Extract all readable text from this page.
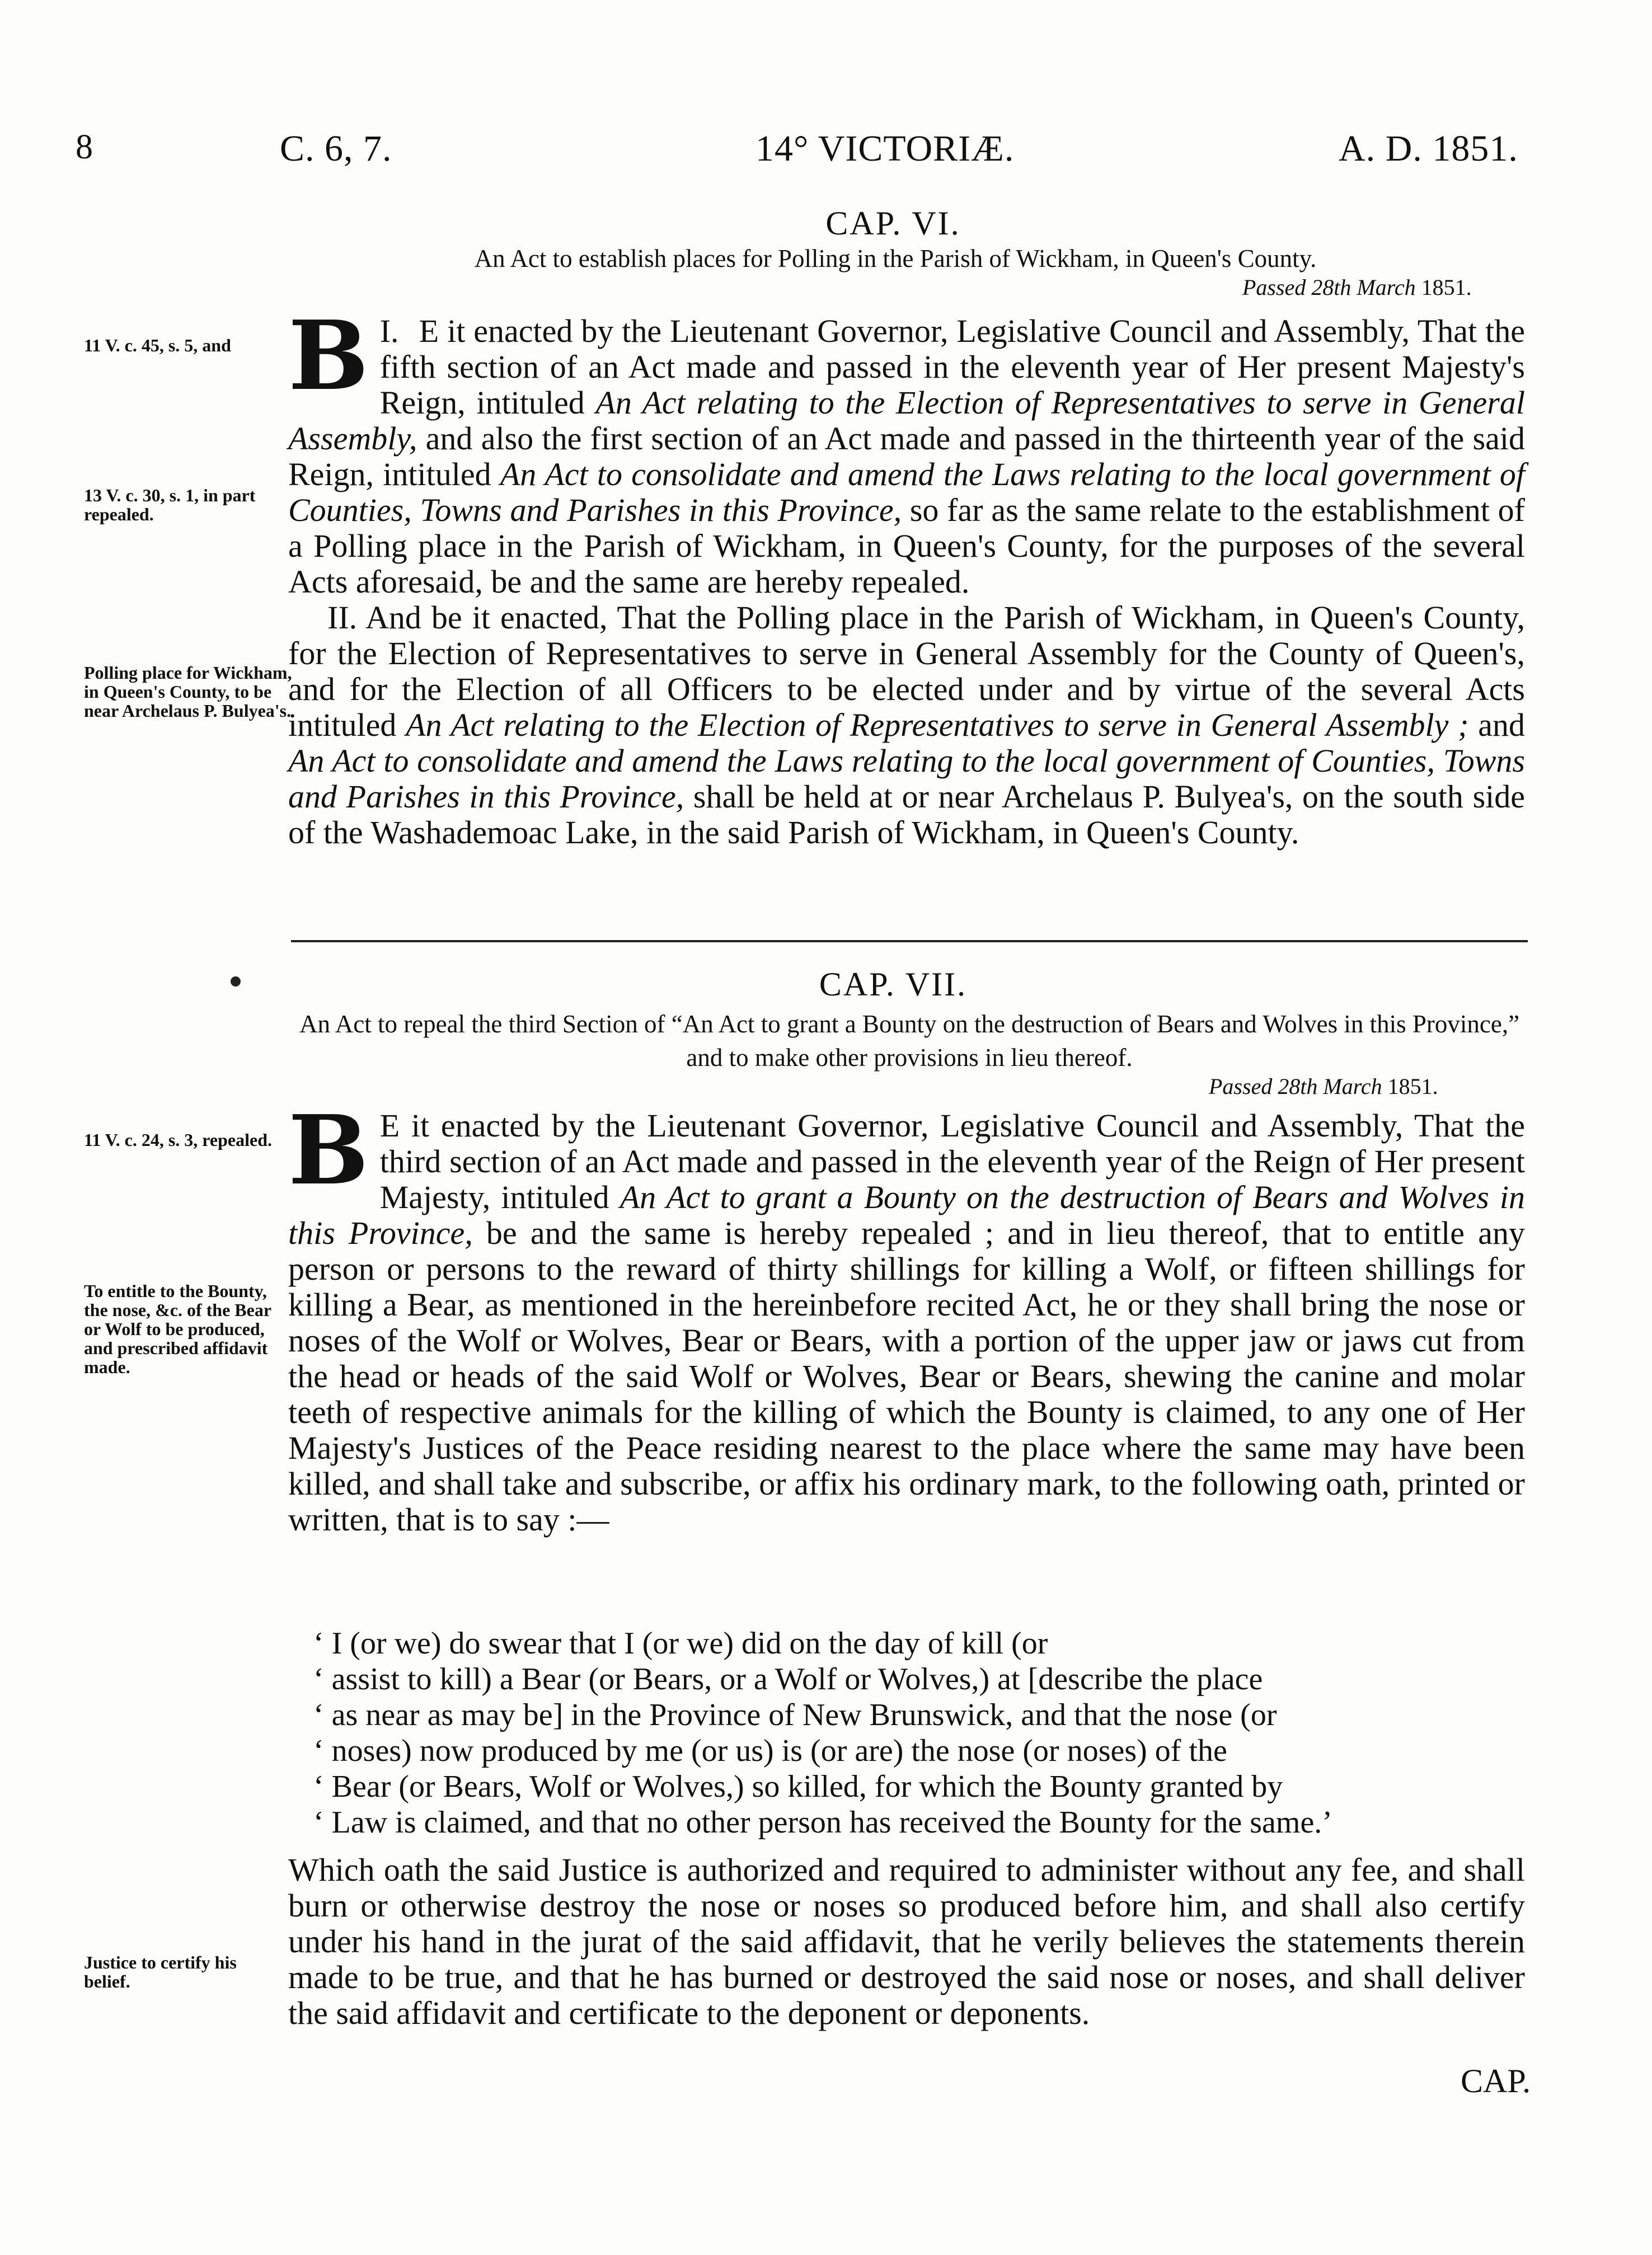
8	C. 6, 7.	14° VICTORIÆ.	A. D. 1851.
CAP. VI.
An Act to establish places for Polling in the Parish of Wickham, in Queen's County.
Passed 28th March 1851.
11 V. c. 45, s. 5, and
13 V. c. 30, s. 1, in part repealed.
Polling place for Wickham, in Queen's County, to be near Archelaus P. Bulyea's.

I.
B E it enacted by the Lieutenant Governor, Legislative Council and Assembly, That the fifth section of an Act made and passed in the eleventh year of Her present Majesty's Reign, intituled An Act relating to the Election of Representatives to serve in General Assembly, and also the first section of an Act made and passed in the thirteenth year of the said Reign, intituled An Act to consolidate and amend the Laws relating to the local government of Counties, Towns and Parishes in this Province, so far as the same relate to the establishment of a Polling place in the Parish of Wickham, in Queen's County, for the purposes of the several Acts aforesaid, be and the same are hereby repealed.

II. And be it enacted, That the Polling place in the Parish of Wickham, in Queen's County, for the Election of Representatives to serve in General Assembly for the County of Queen's, and for the Election of all Officers to be elected under and by virtue of the several Acts intituled An Act relating to the Election of Representatives to serve in General Assembly ; and An Act to consolidate and amend the Laws relating to the local government of Counties, Towns and Parishes in this Province, shall be held at or near Archelaus P. Bulyea's, on the south side of the Washademoac Lake, in the said Parish of Wickham, in Queen's County.

CAP. VII.
An Act to repeal the third Section of “An Act to grant a Bounty on the destruction of Bears and Wolves in this Province,” and to make other provisions in lieu thereof.
Passed 28th March 1851.
11 V. c. 24, s. 3, repealed.
To entitle to the Bounty, the nose, &c. of the Bear or Wolf to be produced, and prescribed affidavit made.
Justice to certify his belief.

B E it enacted by the Lieutenant Governor, Legislative Council and Assembly, That the third section of an Act made and passed in the eleventh year of the Reign of Her present Majesty, intituled An Act to grant a Bounty on the destruction of Bears and Wolves in this Province, be and the same is hereby repealed ; and in lieu thereof, that to entitle any person or persons to the reward of thirty shillings for killing a Wolf, or fifteen shillings for killing a Bear, as mentioned in the hereinbefore recited Act, he or they shall bring the nose or noses of the Wolf or Wolves, Bear or Bears, with a portion of the upper jaw or jaws cut from the head or heads of the said Wolf or Wolves, Bear or Bears, shewing the canine and molar teeth of respective animals for the killing of which the Bounty is claimed, to any one of Her Majesty's Justices of the Peace residing nearest to the place where the same may have been killed, and shall take and subscribe, or affix his ordinary mark, to the following oath, printed or written, that is to say :—

‘ I (or we) do swear that I (or we) did on the day of kill (or

‘ assist to kill) a Bear (or Bears, or a Wolf or Wolves,) at [describe the place

‘ as near as may be] in the Province of New Brunswick, and that the nose (or

‘ noses) now produced by me (or us) is (or are) the nose (or noses) of the

‘ Bear (or Bears, Wolf or Wolves,) so killed, for which the Bounty granted by

‘ Law is claimed, and that no other person has received the Bounty for the same.’

Which oath the said Justice is authorized and required to administer without any fee, and shall burn or otherwise destroy the nose or noses so produced before him, and shall also certify under his hand in the jurat of the said affidavit, that he verily believes the statements therein made to be true, and that he has burned or destroyed the said nose or noses, and shall deliver the said affidavit and certificate to the deponent or deponents.

CAP.
